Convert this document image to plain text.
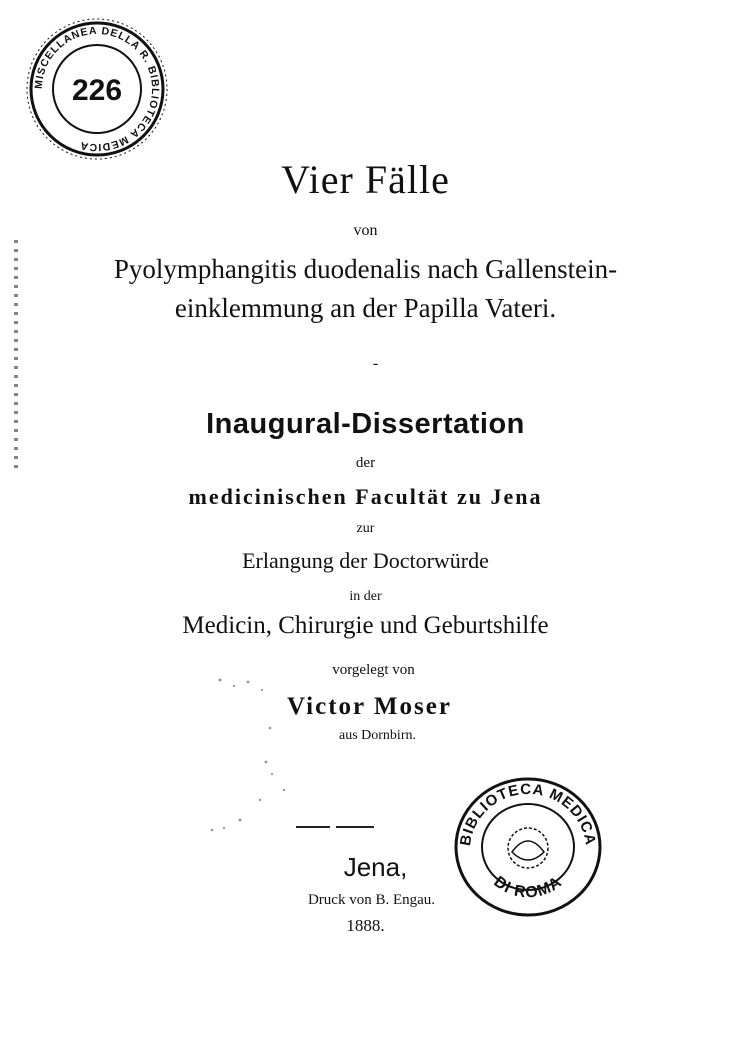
MISCELLANEA DELLA R. BIBLIOTECA MEDICA
226
Vier Fälle
von
Pyolymphangitis duodenalis nach Gallenstein-
einklemmung an der Papilla Vateri.
-
Inaugural-Dissertation
der
medicinischen Facultät zu Jena
zur
Erlangung der Doctorwürde
in der
Medicin, Chirurgie und Geburtshilfe
vorgelegt von
Victor Moser
aus Dornbirn.
Jena,
Druck von B. Engau.
1888.
BIBLIOTECA MEDICA
DI ROMA
